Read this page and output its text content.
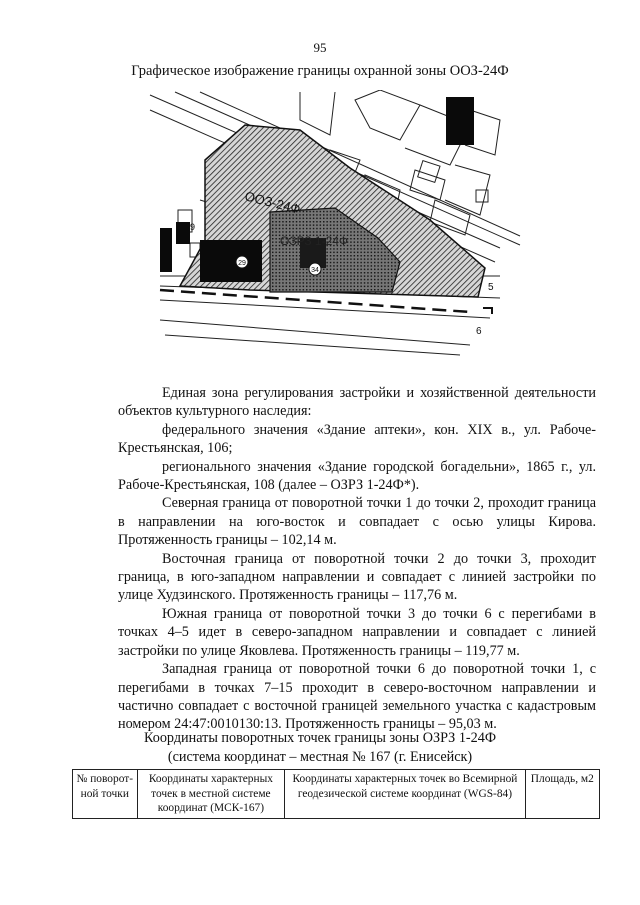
95
Графическое изображение границы охранной зоны ООЗ-24Ф
29
34
ООЗ-24Ф
ОЗРЗ 1-24Ф
5
6
9

Единая зона регулирования застройки и хозяйственной деятельности объектов культурного наследия:

федерального значения «Здание аптеки», кон. XIX в., ул. Рабоче-Крестьянская, 106;

регионального значения «Здание городской богадельни», 1865 г., ул. Рабоче-Крестьянская, 108 (далее – ОЗРЗ 1-24Ф*).

Северная граница от поворотной точки 1 до точки 2, проходит граница в направлении на юго-восток и совпадает с осью улицы Кирова. Протяженность границы – 102,14 м.

Восточная граница от поворотной точки 2 до точки 3, проходит граница, в юго-западном направлении и совпадает с линией застройки по улице Худзинского. Протяженность границы – 117,76 м.

Южная граница от поворотной точки 3 до точки 6 с перегибами в точках 4–5 идет в северо-западном направлении и совпадает с линией застройки по улице Яковлева. Протяженность границы – 119,77 м.

Западная граница от поворотной точки 6 до поворотной точки 1, с перегибами в точках 7–15 проходит в северо-восточном направлении и частично совпадает с восточной границей земельного участка с кадастровым номером 24:47:0010130:13. Протяженность границы – 95,03 м.

Координаты поворотных точек границы зоны ОЗРЗ 1-24Ф
(система координат – местная № 167 (г. Енисейск)
№ поворот-ной точки	Координаты характерных точек в местной системе координат (МСК-167)	Координаты характерных точек во Всемирной геодезической системе координат (WGS-84)	Площадь, м2
